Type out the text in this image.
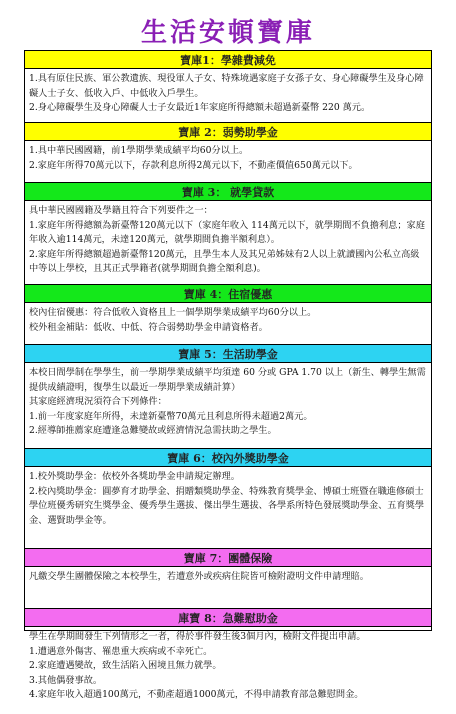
生活安頓寶庫
寶庫1：學雜費減免

1.具有原住民族、軍公教遺族、現役軍人子女、特殊境遇家庭子女孫子女、身心障礙學生及身心障礙人士子女、低收入戶、中低收入戶學生。

2.身心障礙學生及身心障礙人士子女最近1年家庭所得總額未超過新臺幣 220 萬元。

寶庫 2：弱勢助學金

1.具中華民國國籍，前1學期學業成績平均60分以上。

2.家庭年所得70萬元以下，存款利息所得2萬元以下，不動產價值650萬元以下。

寶庫 3： 就學貸款

具中華民國國籍及學籍且符合下列要件之一：

1.家庭年所得總額為新臺幣120萬元以下（家庭年收入 114萬元以下，就學期間不負擔利息；家庭年收入逾114萬元，未達120萬元，就學期間負擔半額利息）。

2.家庭年所得總額超過新臺幣120萬元，且學生本人及其兄弟姊妹有2人以上就讀國內公私立高級中等以上學校，且其正式學籍者(就學期間負擔全額利息)。

寶庫 4：住宿優惠

校內住宿優惠：符合低收入資格且上一個學期學業成績平均60分以上。

校外租金補貼：低收、中低、符合弱勢助學金申請資格者。

寶庫 5：生活助學金

本校日間學制在學學生，前一學期學業成績平均須達 60 分或 GPA 1.70 以上（新生、轉學生無需提供成績證明，復學生以最近一學期學業成績計算）

其家庭經濟現況須符合下列條件：

1.前一年度家庭年所得，未達新臺幣70萬元且利息所得未超過2萬元。

2.經導師推薦家庭遭逢急難變故或經濟情況急需扶助之學生。

寶庫 6：校內外獎助學金

1.校外獎助學金：依校外各獎助學金申請規定辦理。

2.校內獎助學金：圓夢育才助學金、捐贈類獎助學金、特殊教育獎學金、博碩士班暨在職進修碩士學位班優秀研究生獎學金、優秀學生選拔、傑出學生選拔、各學系所特色發展獎助學金、五育獎學金、選賢助學金等。

寶庫 7：團體保險

凡繳交學生團體保險之本校學生，若遭意外或疾病住院皆可檢附證明文件申請理賠。

庫寶 8：急難慰助金

學生在學期間發生下列情形之一者，得於事件發生後3個月內，檢附文件提出申請。

1.遭遇意外傷害、罹患重大疾病或不幸死亡。

2.家庭遭遇變故，致生活陷入困境且無力就學。

3.其他偶發事故。

4.家庭年收入超過100萬元，不動產超過1000萬元，不得申請教育部急難慰問金。
